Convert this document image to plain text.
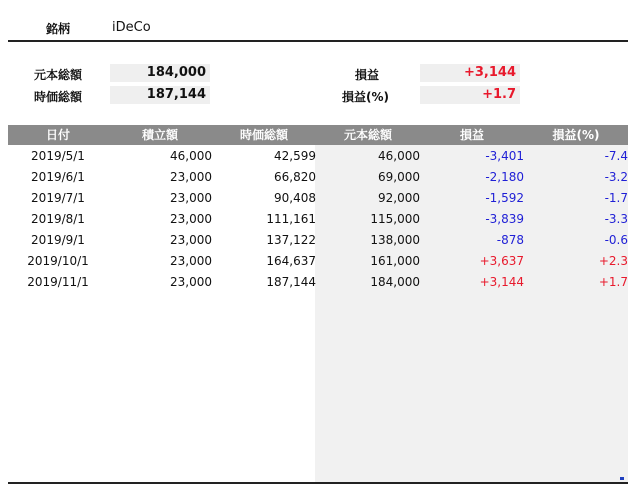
銘柄	iDeCo
元本総額	184,000
時価総額	187,144
損益	+3,144
損益(%)	+1.7
日付	積立額	時価総額	元本総額	損益	損益(%)
2019/5/1	46,000	42,599	46,000	-3,401	-7.4
2019/6/1	23,000	66,820	69,000	-2,180	-3.2
2019/7/1	23,000	90,408	92,000	-1,592	-1.7
2019/8/1	23,000	111,161	115,000	-3,839	-3.3
2019/9/1	23,000	137,122	138,000	-878	-0.6
2019/10/1	23,000	164,637	161,000	+3,637	+2.3
2019/11/1	23,000	187,144	184,000	+3,144	+1.7
